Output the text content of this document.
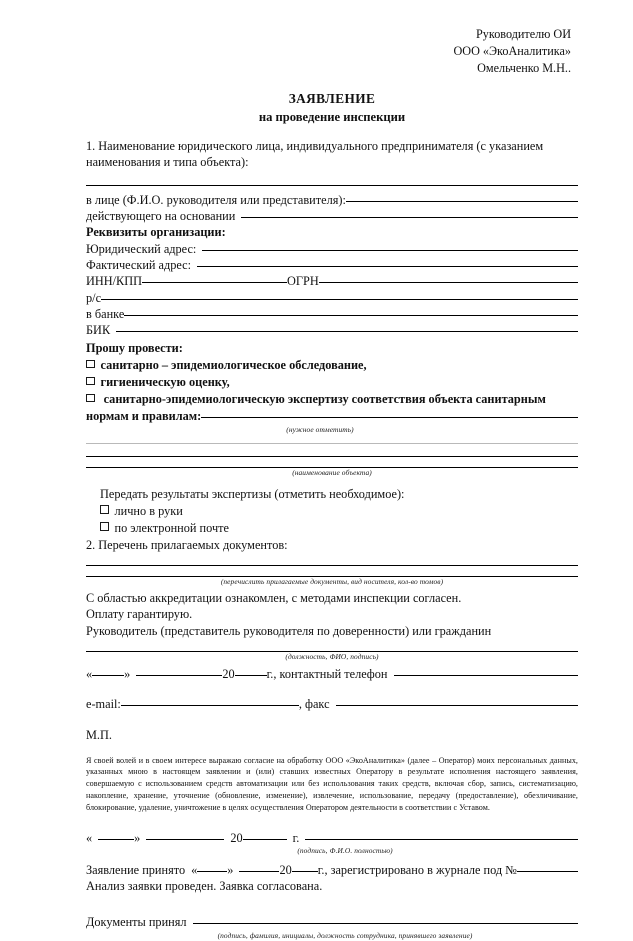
Руководителю ОИ
ООО «ЭкоАналитика»
Омельченко М.Н..
ЗАЯВЛЕНИЕ
на проведение инспекции
1. Наименование юридического лица, индивидуального предпринимателя (с указанием
наименования и типа объекта):
в лице (Ф.И.О. руководителя или представителя):
действующего на основании
Реквизиты организации:
Юридический адрес:
Фактический адрес:
ИНН/КПП	ОГРН
р/с
в банке
БИК
Прошу провести:
санитарно – эпидемиологическое обследование,
гигиеническую оценку,
санитарно-эпидемиологическую экспертизу соответствия объекта санитарным
нормам и правилам:
(нужное отметить)
(наименование объекта)
Передать результаты экспертизы (отметить необходимое):
лично в руки
по электронной почте
2. Перечень прилагаемых документов:
(перечислить прилагаемые документы, вид носителя, кол-во томов)
С областью аккредитации ознакомлен, с методами инспекции согласен.
Оплату гарантирую.
Руководитель (представитель руководителя по доверенности) или гражданин
(должность, ФИО, подпись)
«	»	20	г., контактный телефон
e-mail:	, факс
М.П.
Я своей волей и в своем интересе выражаю согласие на обработку ООО «ЭкоАналитика» (далее – Оператор) моих персональных данных, указанных мною в настоящем заявлении и (или) ставших известных Оператору в результате исполнения настоящего заявления, совершаемую с использованием средств автоматизации или без использования таких средств, включая сбор, запись, систематизацию, накопление, хранение, уточнение (обновление, изменение), извлечение, использование, передачу (предоставление), обезличивание, блокирование, удаление, уничтожение в целях осуществления Оператором деятельности в соответствии с Уставом.
«	»	20	г.
(подпись, Ф.И.О. полностью)
Заявление принято « »	20 г., зарегистрировано в журнале под №
Анализ заявки проведен. Заявка согласована.
Документы принял
(подпись, фамилия, инициалы, должность сотрудника, принявшего заявление)
